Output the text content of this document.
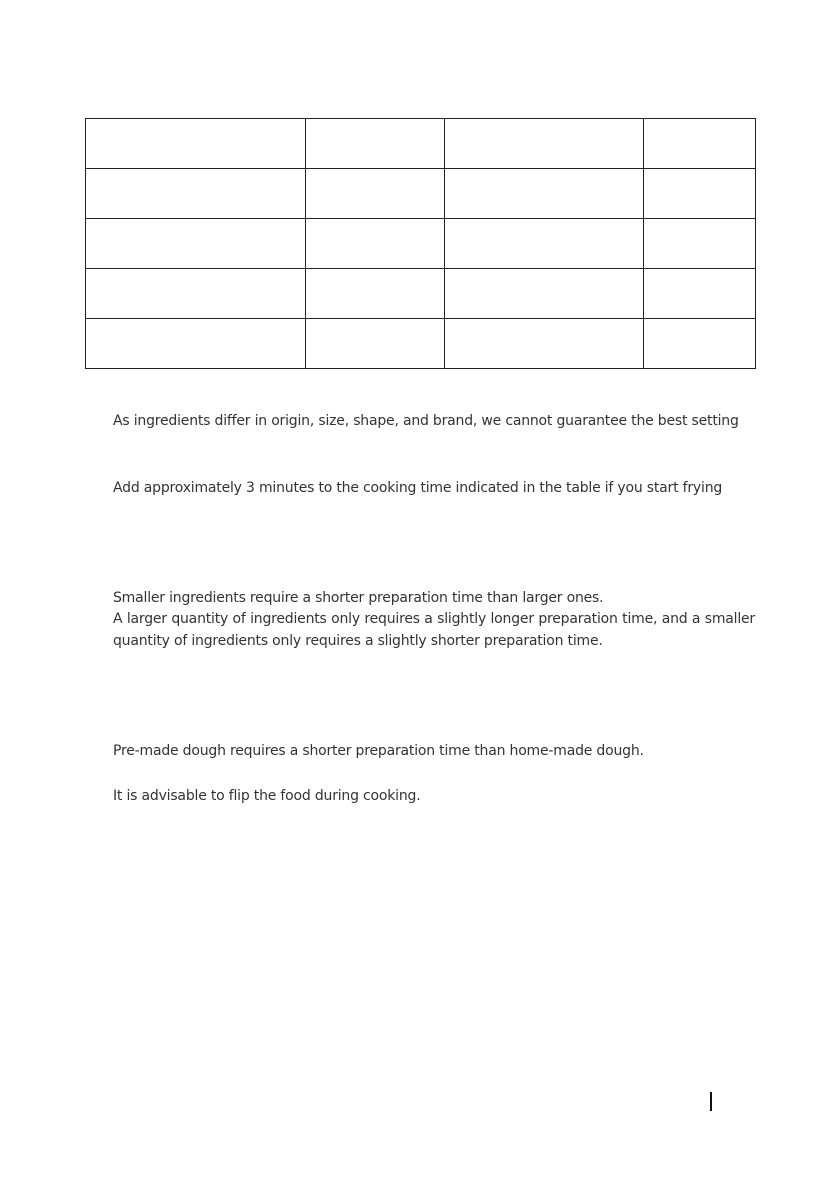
As ingredients differ in origin, size, shape, and brand, we cannot guarantee the best setting

Add approximately 3 minutes to the cooking time indicated in the table if you start frying

Smaller ingredients require a shorter preparation time than larger ones.

A larger quantity of ingredients only requires a slightly longer preparation time, and a smaller quantity of ingredients only requires a slightly shorter preparation time.

Pre-made dough requires a shorter preparation time than home-made dough.

It is advisable to flip the food during cooking.
